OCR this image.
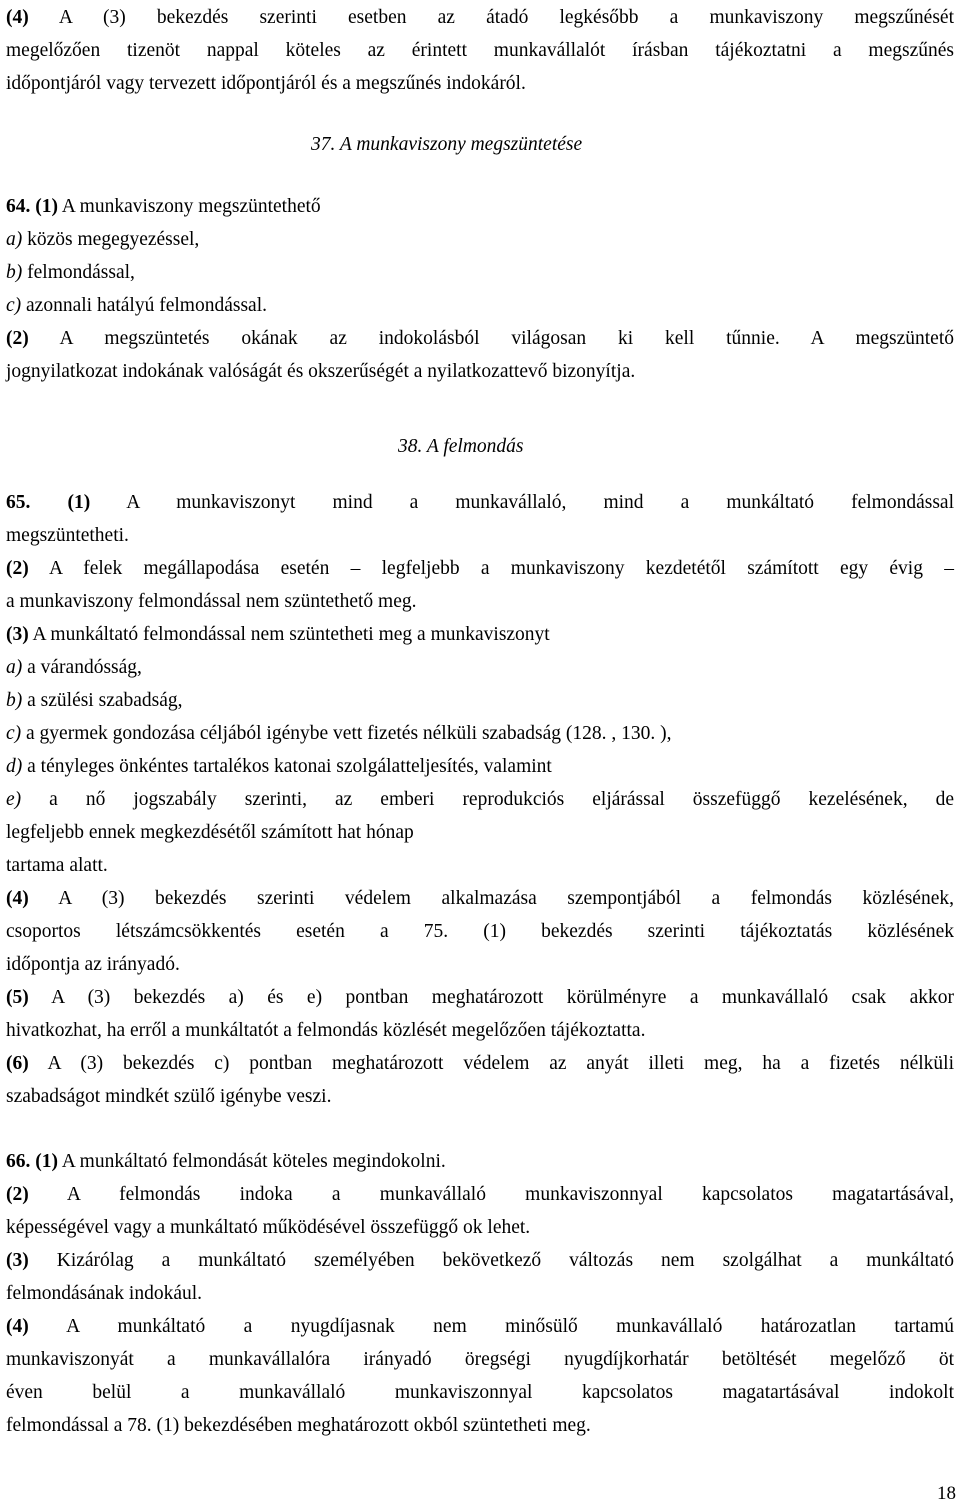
(4) A (3) bekezdés szerinti esetben az átadó legkésőbb a munkaviszony megszűnését
megelőzően tizenöt nappal köteles az érintett munkavállalót írásban tájékoztatni a megszűnés
időpontjáról vagy tervezett időpontjáról és a megszűnés indokáról.
64. (1) A munkaviszony megszüntethető
a) közös megegyezéssel,
b) felmondással,
c) azonnali hatályú felmondással.
(2) A megszüntetés okának az indokolásból világosan ki kell tűnnie. A megszüntető
jognyilatkozat indokának valóságát és okszerűségét a nyilatkozattevő bizonyítja.
65. (1) A munkaviszonyt mind a munkavállaló, mind a munkáltató felmondással
megszüntetheti.
(2) A felek megállapodása esetén – legfeljebb a munkaviszony kezdetétől számított egy évig –
a munkaviszony felmondással nem szüntethető meg.
(3) A munkáltató felmondással nem szüntetheti meg a munkaviszonyt
a) a várandósság,
b) a szülési szabadság,
c) a gyermek gondozása céljából igénybe vett fizetés nélküli szabadság (128. , 130. ),
d) a tényleges önkéntes tartalékos katonai szolgálatteljesítés, valamint
e) a nő jogszabály szerinti, az emberi reprodukciós eljárással összefüggő kezelésének, de
legfeljebb ennek megkezdésétől számított hat hónap
tartama alatt.
(4) A (3) bekezdés szerinti védelem alkalmazása szempontjából a felmondás közlésének,
csoportos létszámcsökkentés esetén a 75. (1) bekezdés szerinti tájékoztatás közlésének
időpontja az irányadó.
(5) A (3) bekezdés a) és e) pontban meghatározott körülményre a munkavállaló csak akkor
hivatkozhat, ha erről a munkáltatót a felmondás közlését megelőzően tájékoztatta.
(6) A (3) bekezdés c) pontban meghatározott védelem az anyát illeti meg, ha a fizetés nélküli
szabadságot mindkét szülő igénybe veszi.
66. (1) A munkáltató felmondását köteles megindokolni.
(2) A felmondás indoka a munkavállaló munkaviszonnyal kapcsolatos magatartásával,
képességével vagy a munkáltató működésével összefüggő ok lehet.
(3) Kizárólag a munkáltató személyében bekövetkező változás nem szolgálhat a munkáltató
felmondásának indokául.
(4) A munkáltató a nyugdíjasnak nem minősülő munkavállaló határozatlan tartamú
munkaviszonyát a munkavállalóra irányadó öregségi nyugdíjkorhatár betöltését megelőző öt
éven belül a munkavállaló munkaviszonnyal kapcsolatos magatartásával indokolt
felmondással a 78. (1) bekezdésében meghatározott okból szüntetheti meg.
37. A munkaviszony megszüntetése
38. A felmondás
18
